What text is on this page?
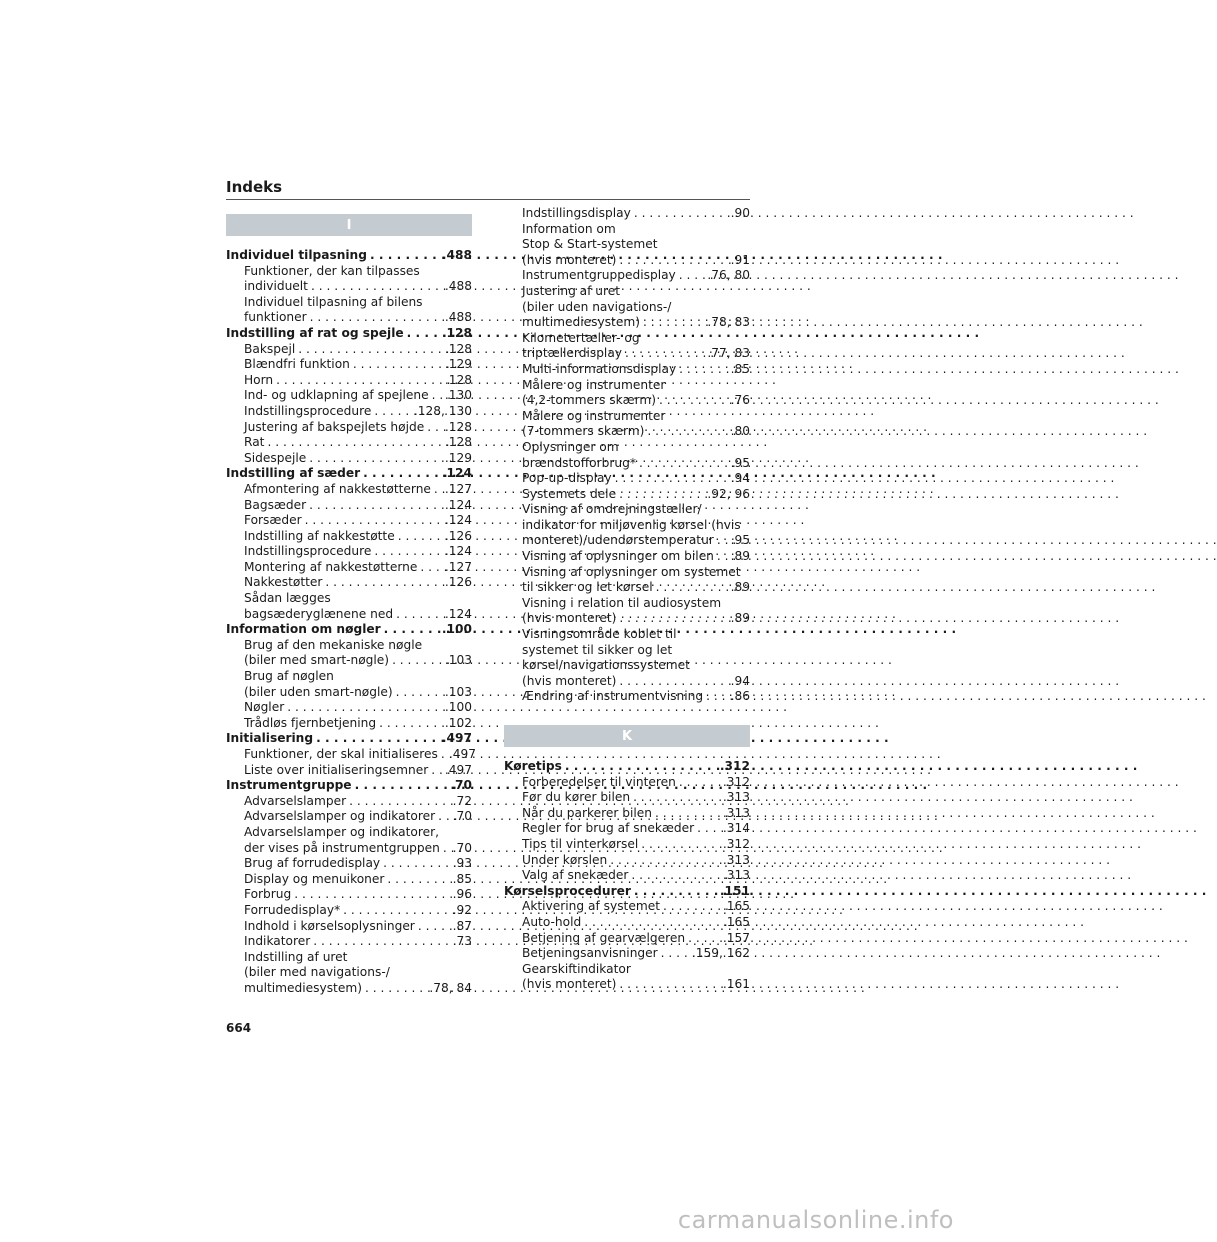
Indeks
I
Individuel tilpasning . . .	.488
Funktioner, der kan tilpasses
individuelt . . .	.488
Individuel tilpasning af bilens
funktioner . . .	.488
Indstilling af rat og spejle . . .	.128
Bakspejl . . .	.128
Blændfri funktion . . .	.129
Horn . . .	.128
Ind- og udklapning af spejlene . . . .130
Indstillingsprocedure . . .	.128, 130
Justering af bakspejlets højde . . . .128
Rat . . .	.128
Sidespejle . . .	.129
Indstilling af sæder . . .	.124
Afmontering af nakkestøtterne . . . .127
Bagsæder . . .	.124
Forsæder . . .	.124
Indstilling af nakkestøtte . . .	.126
Indstillingsprocedure . . .	.124
Montering af nakkestøtterne . . . .127
Nakkestøtter . . .	.126
Sådan lægges
bagsæderyglænene ned . . .	.124
Information om nøgler . . .	.100
Brug af den mekaniske nøgle
(biler med smart-nøgle) . . .	.103
Brug af nøglen
(biler uden smart-nøgle) . . .	.103
Nøgler . . .	.100
Trådløs fjernbetjening . . .	.102
Initialisering . . .	.497
Funktioner, der skal initialiseres . . . .497
Liste over initialiseringsemner . . . .497
Instrumentgruppe . . .	.70
Advarselslamper . . .	.72
Advarselslamper og indikatorer . . . .70
Advarselslamper og indikatorer,
der vises på instrumentgruppen . . . .70
Brug af forrudedisplay . . .	.93
Display og menuikoner . . .	.85
Forbrug . . .	.96
Forrudedisplay* . . .	.92
Indhold i kørselsoplysninger . . .	.87
Indikatorer . . .	.73
Indstilling af uret
(biler med navigations-/
multimediesystem) . . .	.78, 84
Indstillingsdisplay . . .	.90
Information om
Stop & Start-systemet
(hvis monteret) . . .	.91
Instrumentgruppedisplay . . .	.76, 80
Justering af uret
(biler uden navigations-/
multimediesystem) . . .	.78, 83
Kilometertæller- og
triptællerdisplay . . .	.77, 83
Multi-informationsdisplay . . .	.85
Målere og instrumenter
(4,2-tommers skærm) . . .	.76
Målere og instrumenter
(7-tommers skærm) . . .	.80
Oplysninger om
brændstofforbrug* . . .	.95
Pop-up-display . . .	.94
Systemets dele . . .	.92, 96
Visning af omdrejningstæller/
indikator for miljøvenlig kørsel (hvis
monteret)/udendørstemperatur . . . .95
Visning af oplysninger om bilen . . . .89
Visning af oplysninger om systemet
til sikker og let kørsel . . .	.89
Visning i relation til audiosystem
(hvis monteret) . . .	.89
Visningsområde koblet til
systemet til sikker og let
kørsel/navigationssystemet
(hvis monteret) . . .	.94
Ændring af instrumentvisning . . . .86
K
Køretips . . .	.312
Forberedelser til vinteren . . .	.312
Før du kører bilen . . .	.313
Når du parkerer bilen . . .	.313
Regler for brug af snekæder . . . .314
Tips til vinterkørsel . . .	.312
Under kørslen . . .	.313
Valg af snekæder . . .	.313
Kørselsprocedurer . . .	.151
Aktivering af systemet . . .	.165
Auto-hold . . .	.165
Betjening af gearvælgeren . . .	.157
Betjeningsanvisninger . . .	.159, 162
Gearskiftindikator
(hvis monteret) . . .	.161
664
carmanualsonline.info
